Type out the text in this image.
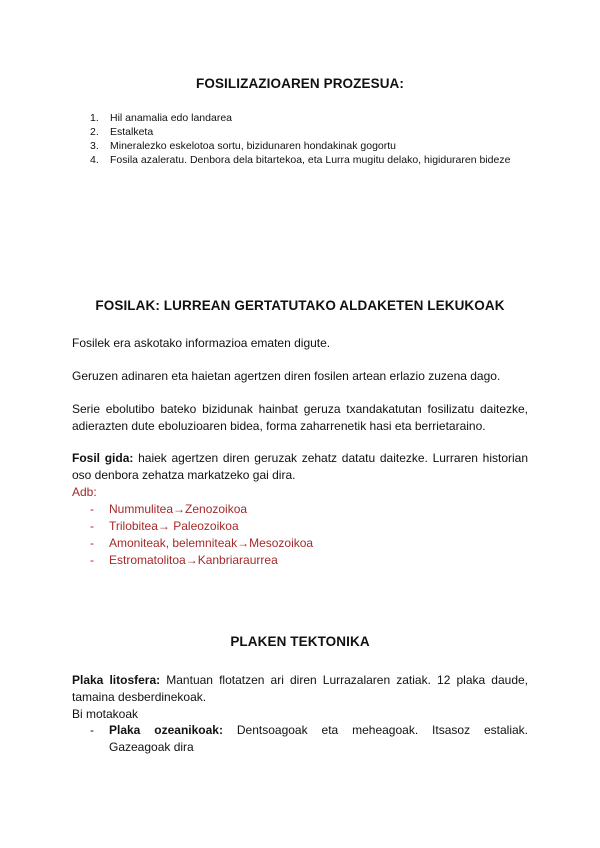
FOSILIZAZIOAREN PROZESUA:
1. Hil anamalia edo landarea
2. Estalketa
3. Mineralezko eskelotoa sortu, bizidunaren hondakinak gogortu
4. Fosila azaleratu. Denbora dela bitartekoa, eta Lurra mugitu delako, higiduraren bideze
FOSILAK: LURREAN GERTATUTAKO ALDAKETEN LEKUKOAK
Fosilek era askotako informazioa ematen digute.
Geruzen adinaren eta haietan agertzen diren fosilen artean erlazio zuzena dago.
Serie ebolutibo bateko bizidunak hainbat geruza txandakatutan fosilizatu daitezke,
adierazten dute eboluzioaren bidea, forma zaharrenetik hasi eta berrietaraino.
Fosil gida: haiek agertzen diren geruzak zehatz datatu daitezke. Lurraren historian
oso denbora zehatza markatzeko gai dira.
Adb:
- Nummulitea→Zenozoikoa
- Trilobitea→ Paleozoikoa
- Amoniteak, belemniteak→Mesozoikoa
- Estromatolitoa→Kanbriaraurrea
PLAKEN TEKTONIKA
Plaka litosfera: Mantuan flotatzen ari diren Lurrazalaren zatiak. 12 plaka daude,
tamaina desberdinekoak.
Bi motakoak
- Plaka ozeanikoak: Dentsoagoak eta meheagoak. Itsasoz estaliak.
Gazeagoak dira
